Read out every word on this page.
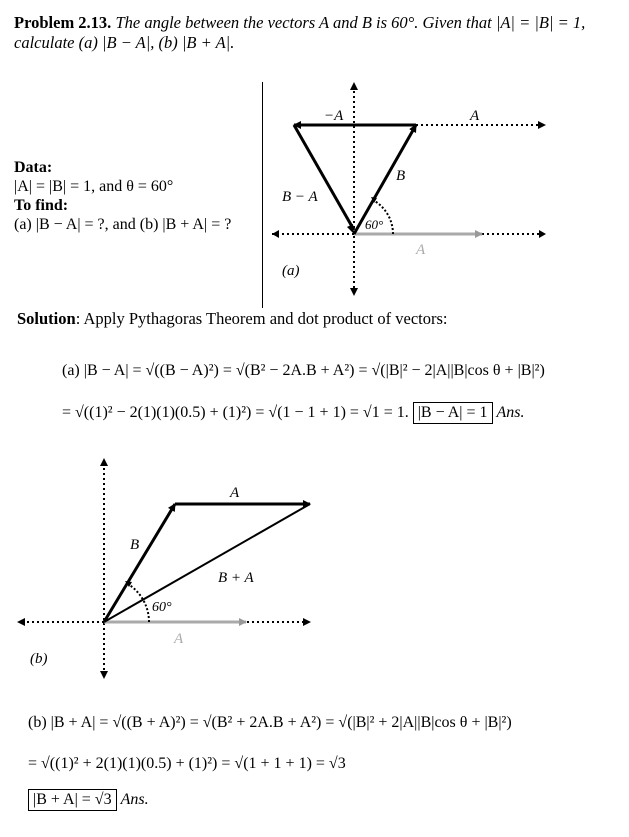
Problem 2.13. The angle between the vectors A and B is 60°. Given that |A| = |B| = 1,
calculate (a) |B − A|, (b) |B + A|.
Data:
|A| = |B| = 1, and θ = 60°
To find:
(a) |B − A| = ?, and (b) |B + A| = ?
−A	A
B
B − A
60°
A
(a)
Solution: Apply Pythagoras Theorem and dot product of vectors:
(a) |B − A| = √((B − A)²) = √(B² − 2A.B + A²) = √(|B|² − 2|A||B|cos θ + |B|²)
= √((1)² − 2(1)(1)(0.5) + (1)²) = √(1 − 1 + 1) = √1 = 1. |B − A| = 1 Ans.
A
B
B + A
60°
A
(b)
(b) |B + A| = √((B + A)²) = √(B² + 2A.B + A²) = √(|B|² + 2|A||B|cos θ + |B|²)
= √((1)² + 2(1)(1)(0.5) + (1)²) = √(1 + 1 + 1) = √3
|B + A| = √3 Ans.
